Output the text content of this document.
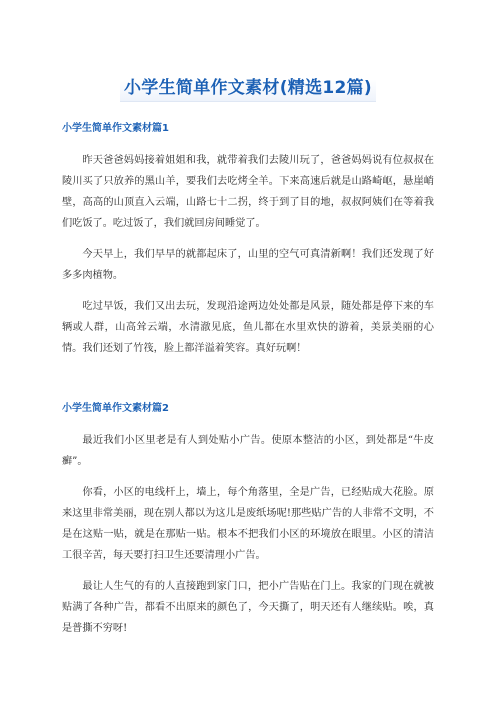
小学生简单作文素材(精选12篇)
小学生简单作文素材篇1

昨天爸爸妈妈接着姐姐和我，就带着我们去陵川玩了，爸爸妈妈说有位叔叔在陵川买了只放养的黑山羊，要我们去吃烤全羊。下来高速后就是山路崎岖，悬崖峭壁，高高的山顶直入云端，山路七十二拐，终于到了目的地，叔叔阿姨们在等着我们吃饭了。吃过饭了，我们就回房间睡觉了。

今天早上，我们早早的就都起床了，山里的空气可真清新啊！我们还发现了好多多肉植物。

吃过早饭，我们又出去玩，发现沿途两边处处都是风景，随处都是停下来的车辆或人群，山高耸云端，水清澈见底，鱼儿都在水里欢快的游着，美景美丽的心情。我们还划了竹筏，脸上都洋溢着笑容。真好玩啊！

小学生简单作文素材篇2

最近我们小区里老是有人到处贴小广告。使原本整洁的小区，到处都是“牛皮癣”。

你看，小区的电线杆上，墙上，每个角落里，全是广告，已经贴成大花脸。原来这里非常美丽，现在别人都以为这儿是废纸场呢!那些贴广告的人非常不文明，不是在这贴一贴，就是在那贴一贴。根本不把我们小区的环境放在眼里。小区的清洁工很辛苦，每天要打扫卫生还要清理小广告。

最让人生气的有的人直接跑到家门口，把小广告贴在门上。我家的门现在就被贴满了各种广告，都看不出原来的颜色了，今天撕了，明天还有人继续贴。唉，真是普撕不穷呀!
